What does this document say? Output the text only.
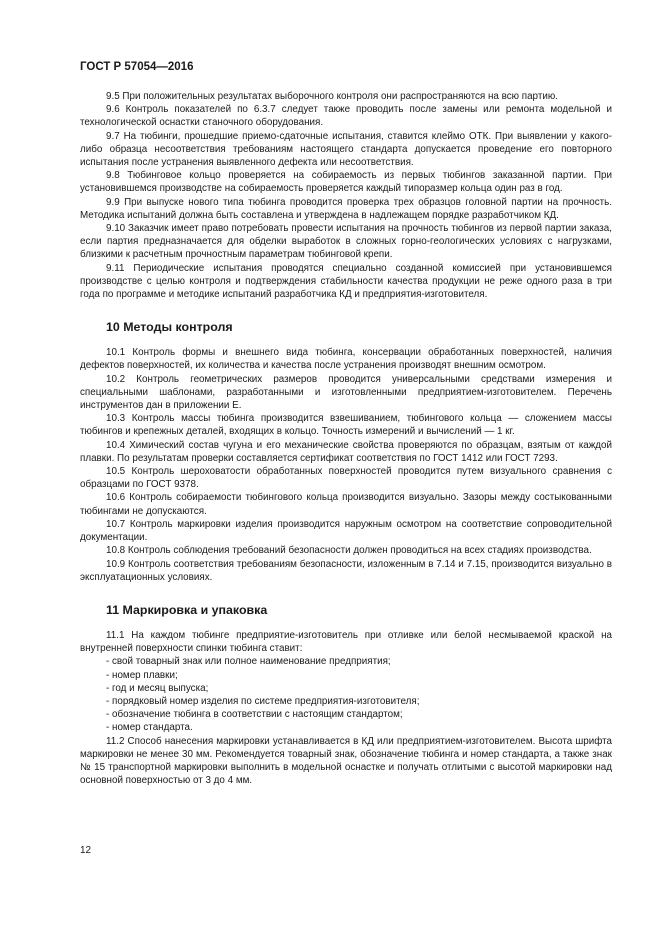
ГОСТ Р 57054—2016

9.5 При положительных результатах выборочного контроля они распространяются на всю партию.

9.6 Контроль показателей по 6.3.7 следует также проводить после замены или ремонта модельной и технологической оснастки станочного оборудования.

9.7 На тюбинги, прошедшие приемо-сдаточные испытания, ставится клеймо ОТК. При выявлении у какого-либо образца несоответствия требованиям настоящего стандарта допускается проведение его повторного испытания после устранения выявленного дефекта или несоответствия.

9.8 Тюбинговое кольцо проверяется на собираемость из первых тюбингов заказанной партии. При установившемся производстве на собираемость проверяется каждый типоразмер кольца один раз в год.

9.9 При выпуске нового типа тюбинга проводится проверка трех образцов головной партии на прочность. Методика испытаний должна быть составлена и утверждена в надлежащем порядке разработчиком КД.

9.10 Заказчик имеет право потребовать провести испытания на прочность тюбингов из первой партии заказа, если партия предназначается для обделки выработок в сложных горно-геологических условиях с нагрузками, близкими к расчетным прочностным параметрам тюбинговой крепи.

9.11 Периодические испытания проводятся специально созданной комиссией при установившемся производстве с целью контроля и подтверждения стабильности качества продукции не реже одного раза в три года по программе и методике испытаний разработчика КД и предприятия-изготовителя.

10 Методы контроля

10.1 Контроль формы и внешнего вида тюбинга, консервации обработанных поверхностей, наличия дефектов поверхностей, их количества и качества после устранения производят внешним осмотром.

10.2 Контроль геометрических размеров проводится универсальными средствами измерения и специальными шаблонами, разработанными и изготовленными предприятием-изготовителем. Перечень инструментов дан в приложении Е.

10.3 Контроль массы тюбинга производится взвешиванием, тюбингового кольца — сложением массы тюбингов и крепежных деталей, входящих в кольцо. Точность измерений и вычислений — 1 кг.

10.4 Химический состав чугуна и его механические свойства проверяются по образцам, взятым от каждой плавки. По результатам проверки составляется сертификат соответствия по ГОСТ 1412 или ГОСТ 7293.

10.5 Контроль шероховатости обработанных поверхностей проводится путем визуального сравнения с образцами по ГОСТ 9378.

10.6 Контроль собираемости тюбингового кольца производится визуально. Зазоры между состыкованными тюбингами не допускаются.

10.7 Контроль маркировки изделия производится наружным осмотром на соответствие сопроводительной документации.

10.8 Контроль соблюдения требований безопасности должен проводиться на всех стадиях производства.

10.9 Контроль соответствия требованиям безопасности, изложенным в 7.14 и 7.15, производится визуально в эксплуатационных условиях.

11 Маркировка и упаковка

11.1 На каждом тюбинге предприятие-изготовитель при отливке или белой несмываемой краской на внутренней поверхности спинки тюбинга ставит:

- свой товарный знак или полное наименование предприятия;

- номер плавки;

- год и месяц выпуска;

- порядковый номер изделия по системе предприятия-изготовителя;

- обозначение тюбинга в соответствии с настоящим стандартом;

- номер стандарта.

11.2 Способ нанесения маркировки устанавливается в КД или предприятием-изготовителем. Высота шрифта маркировки не менее 30 мм. Рекомендуется товарный знак, обозначение тюбинга и номер стандарта, а также знак № 15 транспортной маркировки выполнить в модельной оснастке и получать отлитыми с высотой маркировки над основной поверхностью от 3 до 4 мм.

12
